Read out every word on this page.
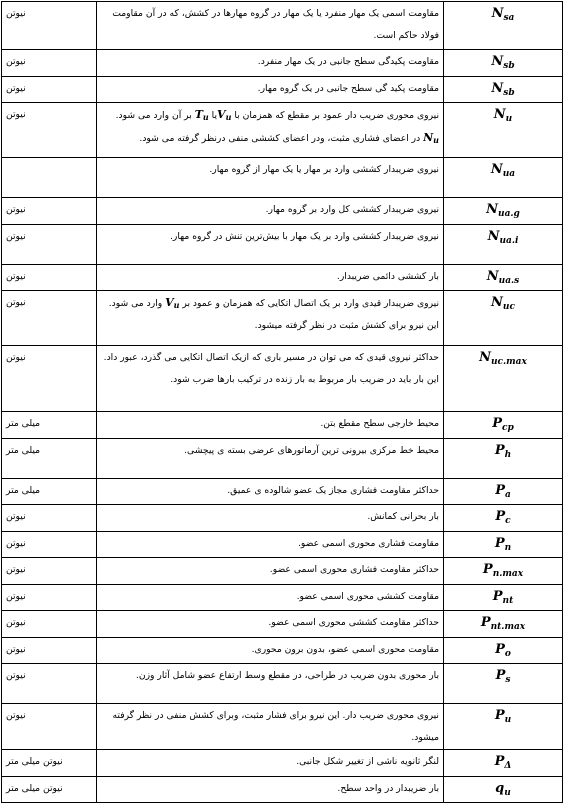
نیوتن	مقاومت اسمی یک مهار منفرد یا یک مهار در گروه مهارها در کشش، که در آن مقاومت فولاد حاکم است.	Nsa
نیوتن	مقاومت پکیدگی سطح جانبی در یک مهار منفرد.	Nsb
نیوتن	مقاومت پکید گی سطح جانبی در یک گروه مهار.	Nsb
نیوتن	نیروی محوری ضریب دار عمود بر مقطع که همزمان با Vuیا Tu بر آن وارد می شود. Nu در اعضای فشاری مثبت، ودر اعضای کششی منفی درنظر گرفته می شود.	Nu
	نیروی ضریبدار کششی وارد بر مهار یا یک مهار از گروه مهار.	Nua
نیوتن	نیروی ضریبدار کششی کل وارد بر گروه مهار.	Nua.g
نیوتن	نیروی ضریبدار کششی وارد بر یک مهار با بیش‌ترین تنش در گروه مهار.	Nua.i
نیوتن	بار کششی دائمی ضریبدار.	Nua.s
نیوتن	نیروی ضریبدار قیدی وارد بر یک اتصال اتکایی که همزمان و عمود بر Vu وارد می شود. این نیرو برای کشش مثبت در نظر گرفته میشود.	Nuc
نیوتن	حداکثر نیروی قیدی که می توان در مسیر باری که ازیک اتصال اتکایی می گذرد، عبور داد. این بار باید در ضریب بار مربوط به بار زنده در ترکیب بارها ضرب شود.	Nuc.max
میلی متر	محیط خارجی سطح مقطع بتن.	Pcp
میلی متر	محیط خط مرکزی بیرونی ترین آرماتورهای عرضی بسته ی پیچشی.	Ph
میلی متر	حداکثر مقاومت فشاری مجاز یک عضو شالوده ی عمیق.	Pa
نیوتن	بار بحرانی کمانش.	Pc
نیوتن	مقاومت فشاری محوری اسمی عضو.	Pn
نیوتن	حداکثر مقاومت فشاری محوری اسمی عضو.	Pn.max
نیوتن	مقاومت کششی محوری اسمی عضو.	Pnt
نیوتن	حداکثر مقاومت کششی محوری اسمی عضو.	Pnt.max
نیوتن	مقاومت محوری اسمی عضو، بدون برون محوری.	Po
نیوتن	بار محوری بدون ضریب در طراحی، در مقطع وسط ارتفاع عضو شامل آثار وزن.	Ps
نیوتن	نیروی محوری ضریب دار. این نیرو برای فشار مثبت، وبرای کشش منفی در نظر گرفته میشود.	Pu
نیوتن میلی متر	لنگر ثانویه ناشی از تغییر شکل جانبی.	PΔ
نیوتن میلی متر	بار ضریبدار در واحد سطح.	qu
